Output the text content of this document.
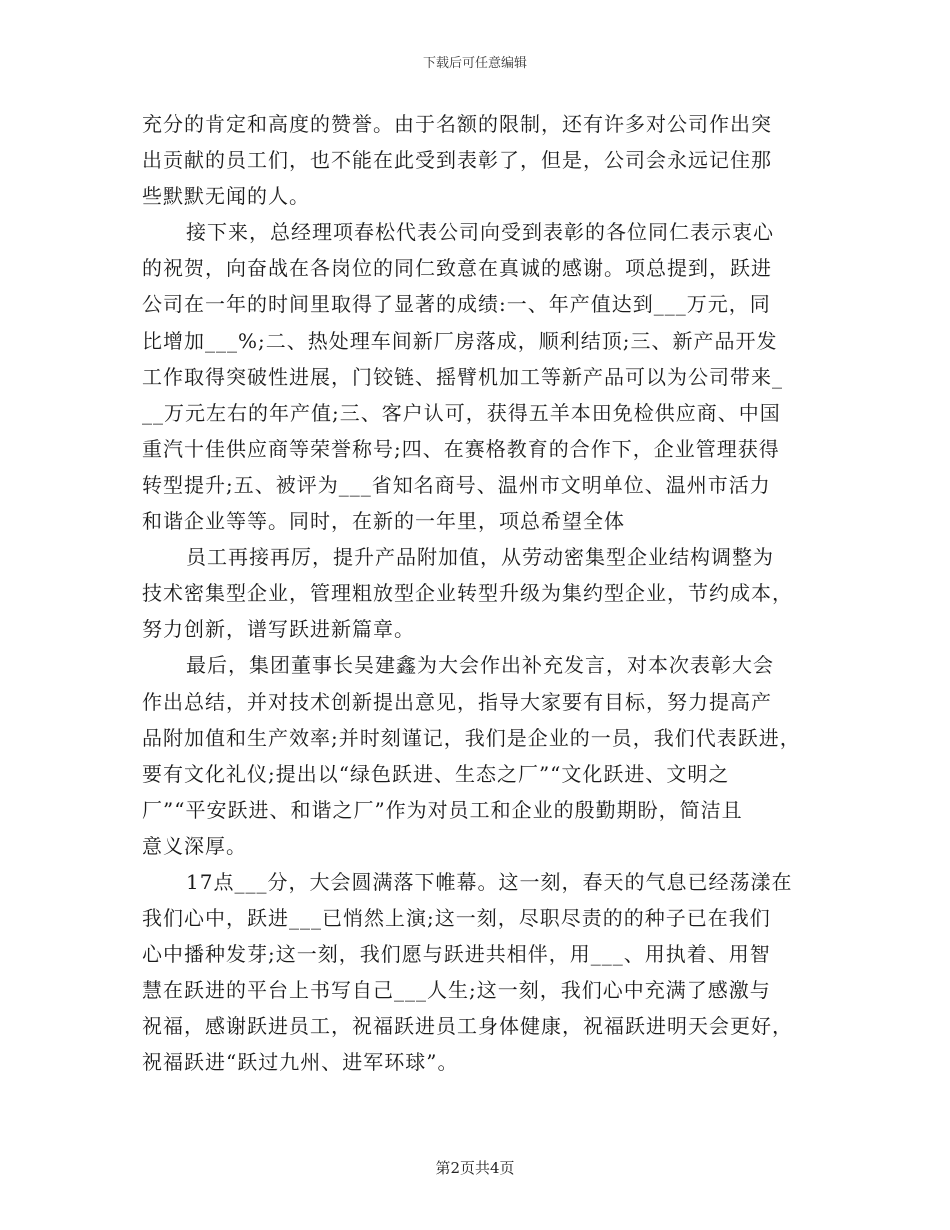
下载后可任意编辑
充分的肯定和高度的赞誉。由于名额的限制，还有许多对公司作出突
出贡献的员工们，也不能在此受到表彰了，但是，公司会永远记住那
些默默无闻的人。
接下来，总经理项春松代表公司向受到表彰的各位同仁表示衷心
的祝贺，向奋战在各岗位的同仁致意在真诚的感谢。项总提到，跃进
公司在一年的时间里取得了显著的成绩:一、年产值达到___万元，同
比增加___%;二、热处理车间新厂房落成，顺利结顶;三、新产品开发
工作取得突破性进展，门铰链、摇臂机加工等新产品可以为公司带来_
__万元左右的年产值;三、客户认可，获得五羊本田免检供应商、中国
重汽十佳供应商等荣誉称号;四、在赛格教育的合作下，企业管理获得
转型提升;五、被评为___省知名商号、温州市文明单位、温州市活力
和谐企业等等。同时，在新的一年里，项总希望全体
员工再接再厉，提升产品附加值，从劳动密集型企业结构调整为
技术密集型企业，管理粗放型企业转型升级为集约型企业，节约成本，
努力创新，谱写跃进新篇章。
最后，集团董事长吴建鑫为大会作出补充发言，对本次表彰大会
作出总结，并对技术创新提出意见，指导大家要有目标，努力提高产
品附加值和生产效率;并时刻谨记，我们是企业的一员，我们代表跃进，
要有文化礼仪;提出以“绿色跃进、生态之厂”“文化跃进、文明之
厂”“平安跃进、和谐之厂”作为对员工和企业的殷勤期盼，简洁且
意义深厚。
17点___分，大会圆满落下帷幕。这一刻，春天的气息已经荡漾在
我们心中，跃进___已悄然上演;这一刻，尽职尽责的的种子已在我们
心中播种发芽;这一刻，我们愿与跃进共相伴，用___、用执着、用智
慧在跃进的平台上书写自己___人生;这一刻，我们心中充满了感激与
祝福，感谢跃进员工，祝福跃进员工身体健康，祝福跃进明天会更好，
祝福跃进“跃过九州、进军环球”。
第2页共4页
